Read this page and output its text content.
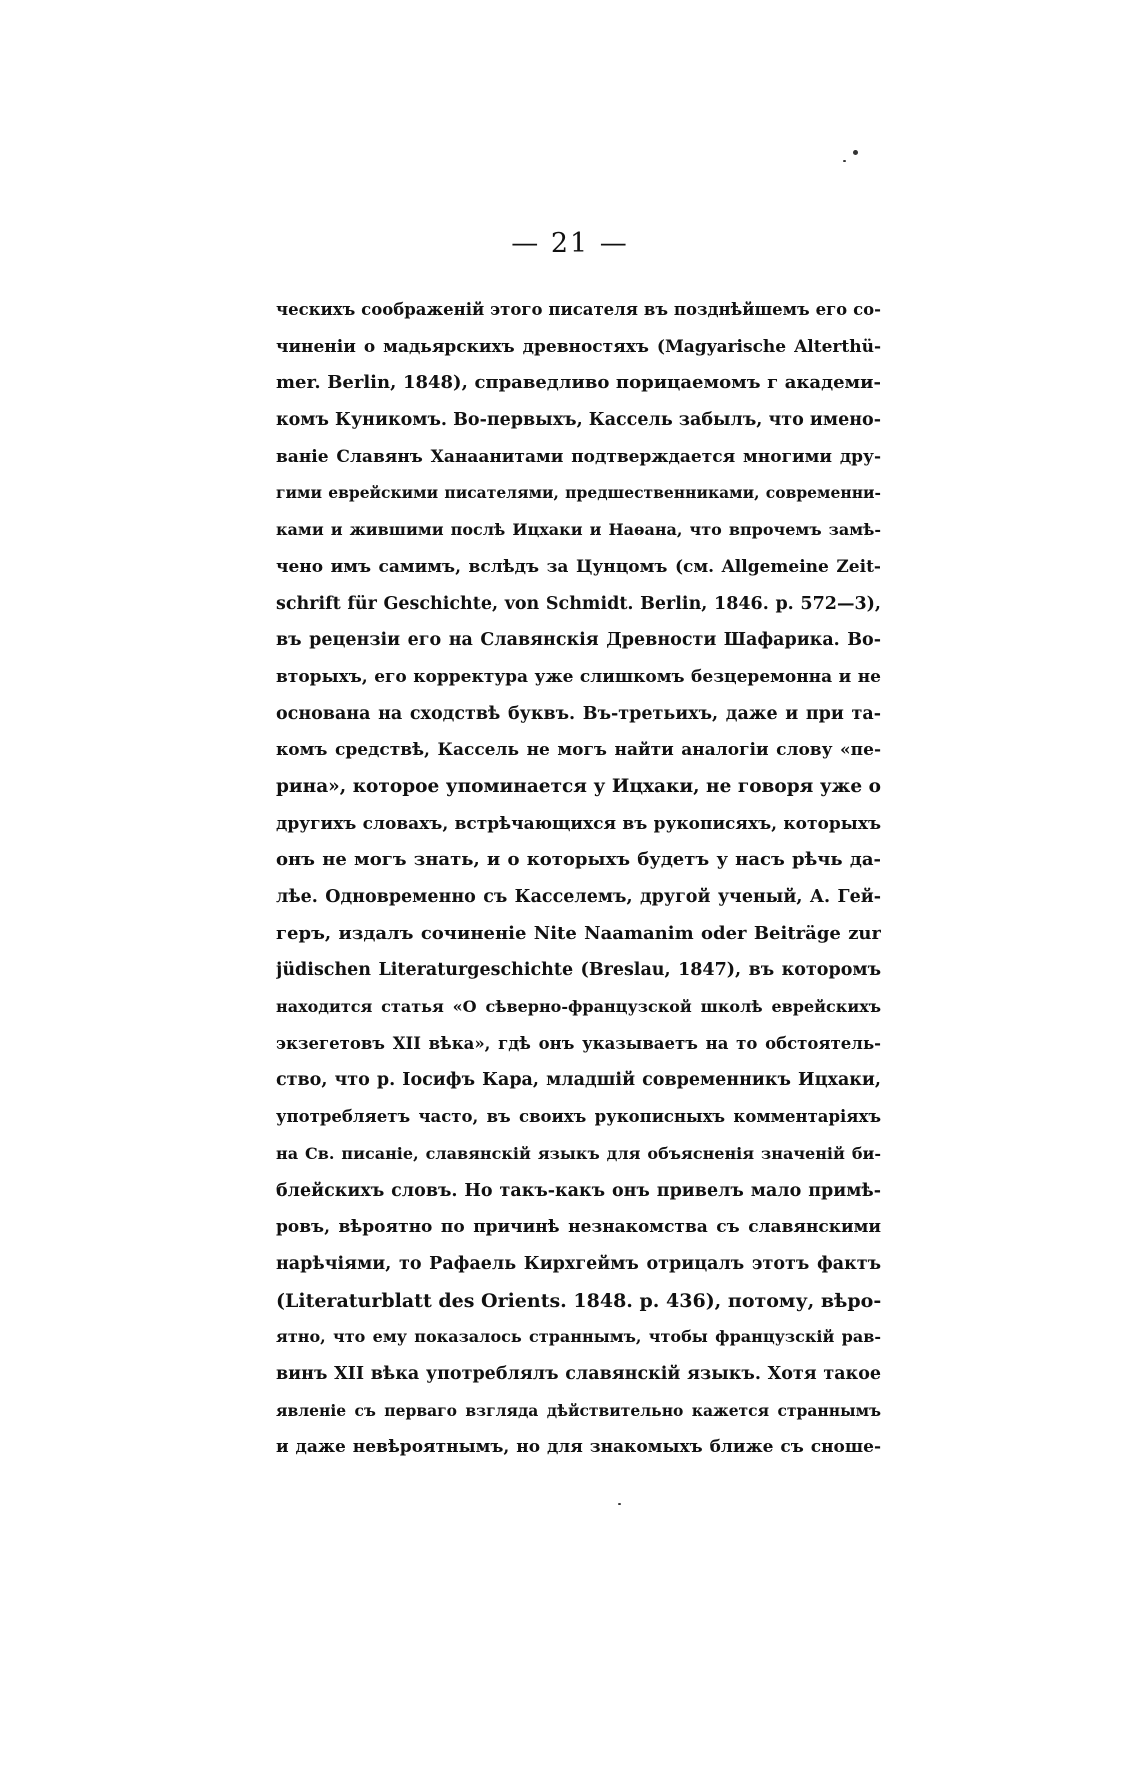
— 21 —
ческихъ соображеній этого писателя въ позднѣйшемъ его со-
чиненіи о мадьярскихъ древностяхъ (Magyarische Alterthü-
mer. Berlin, 1848), справедливо порицаемомъ г академи-
комъ Куникомъ. Во-первыхъ, Кассель забылъ, что имено-
ваніе Славянъ Ханаанитами подтверждается многими дру-
гими еврейскими писателями, предшественниками, современни-
ками и жившими послѣ Ицхаки и Наѳана, что впрочемъ замѣ-
чено имъ самимъ, вслѣдъ за Цунцомъ (см. Allgemeine Zeit-
schrift für Geschichte, von Schmidt. Berlin, 1846. p. 572—3),
въ рецензіи его на Славянскія Древности Шафарика. Во-
вторыхъ, его корректура уже слишкомъ безцеремонна и не
основана на сходствѣ буквъ. Въ-третьихъ, даже и при та-
комъ средствѣ, Кассель не могъ найти аналогіи слову «пе-
рина», которое упоминается у Ицхаки, не говоря уже о
другихъ словахъ, встрѣчающихся въ рукописяхъ, которыхъ
онъ не могъ знать, и о которыхъ будетъ у насъ рѣчь да-
лѣе. Одновременно съ Касселемъ, другой ученый, А. Гей-
геръ, издалъ сочиненіе Nite Naamanim oder Beiträge zur
jüdischen Literaturgeschichte (Breslau, 1847), въ которомъ
находится статья «О сѣверно-французской школѣ еврейскихъ
экзегетовъ XII вѣка», гдѣ онъ указываетъ на то обстоятель-
ство, что р. Іосифъ Кара, младшій современникъ Ицхаки,
употребляетъ часто, въ своихъ рукописныхъ комментаріяхъ
на Св. писаніе, славянскій языкъ для объясненія значеній би-
блейскихъ словъ. Но такъ-какъ онъ привелъ мало примѣ-
ровъ, вѣроятно по причинѣ незнакомства съ славянскими
нарѣчіями, то Рафаель Кирхгеймъ отрицалъ этотъ фактъ
(Literaturblatt des Orients. 1848. p. 436), потому, вѣро-
ятно, что ему показалось страннымъ, чтобы французскій рав-
винъ XII вѣка употреблялъ славянскій языкъ. Хотя такое
явленіе съ перваго взгляда дѣйствительно кажется страннымъ
и даже невѣроятнымъ, но для знакомыхъ ближе съ сноше-
